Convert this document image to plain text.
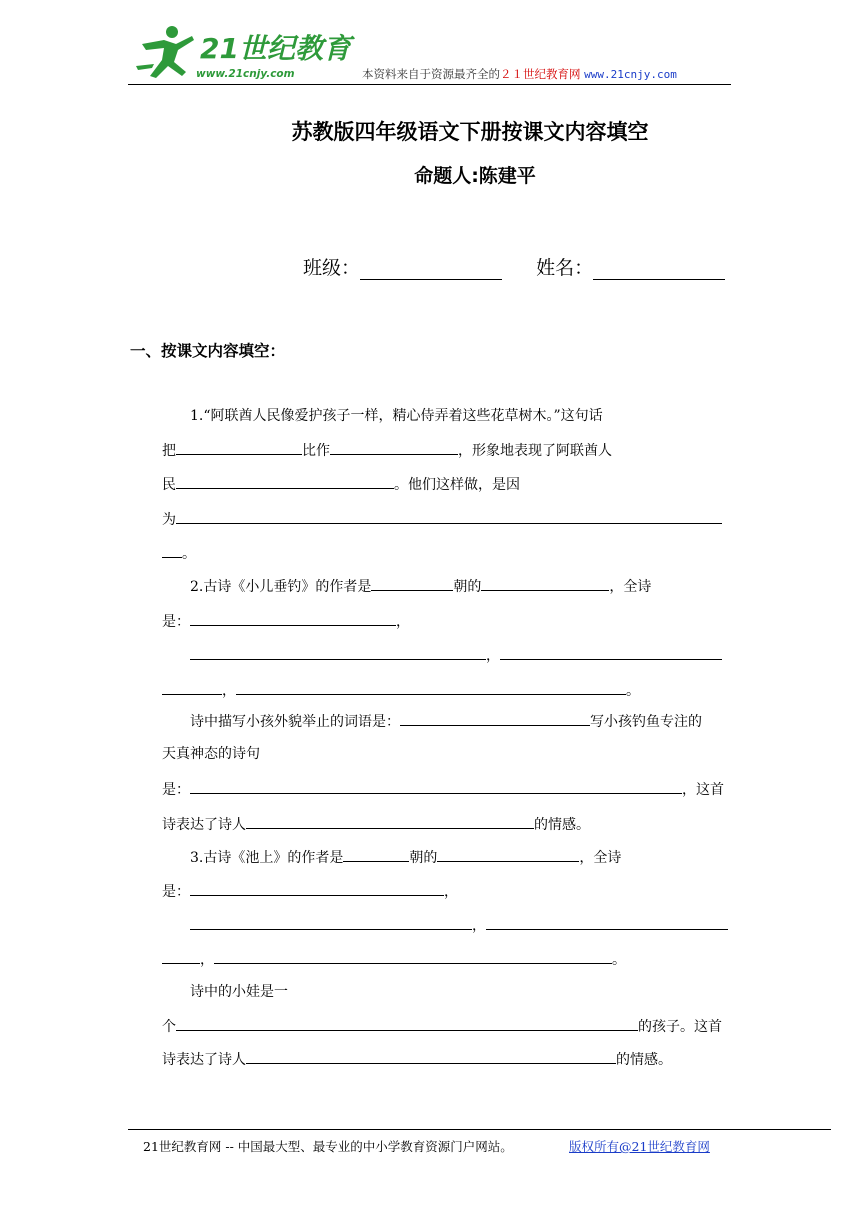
21世纪教育
www.21cnjy.com	本资料来自于资源最齐全的２１世纪教育网 www.21cnjy.com
苏教版四年级语文下册按课文内容填空
命题人:陈建平
班级：	姓名：
一、按课文内容填空：
1.“阿联酋人民像爱护孩子一样，精心侍弄着这些花草树木。”这句话
把	比作	，形象地表现了阿联酋人
民	。他们这样做，是因
为
。
2.古诗《小儿垂钓》的作者是	朝的	，全诗
是：	，
，
，	。
诗中描写小孩外貌举止的词语是：	写小孩钓鱼专注的
天真神态的诗句
是：	，这首
诗表达了诗人	的情感。
3.古诗《池上》的作者是	朝的	，全诗
是：	，
，
，	。
诗中的小娃是一
个	的孩子。这首
诗表达了诗人	的情感。
21世纪教育网 -- 中国最大型、最专业的中小学教育资源门户网站。	版权所有@21世纪教育网
